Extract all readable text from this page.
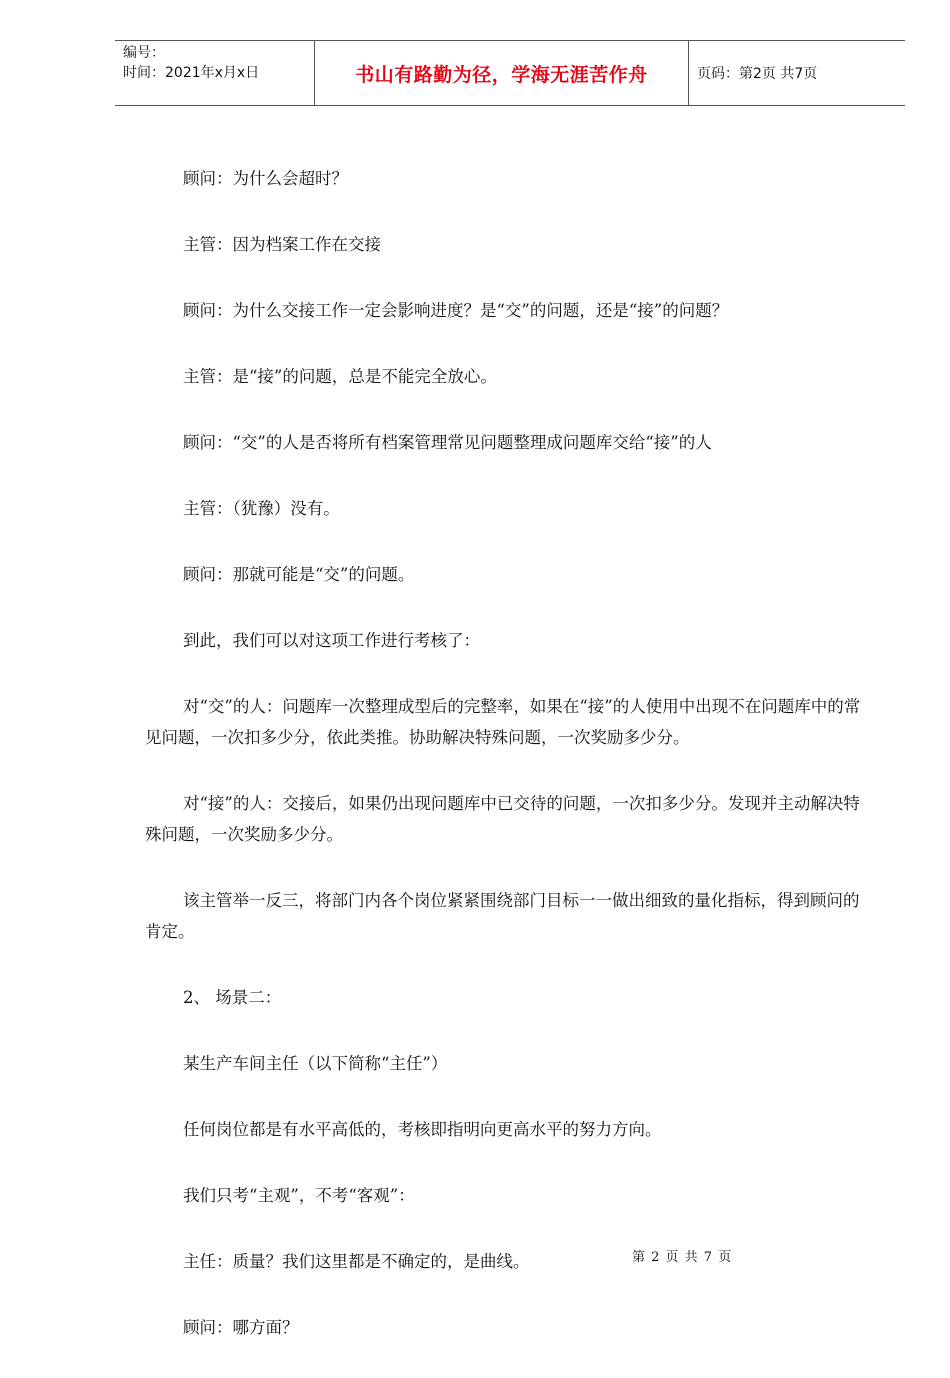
编号：
时间：2021年x月x日	书山有路勤为径，学海无涯苦作舟	页码：第2页 共7页

顾问：为什么会超时？

主管：因为档案工作在交接

顾问：为什么交接工作一定会影响进度？是“交”的问题，还是“接”的问题？

主管：是“接”的问题，总是不能完全放心。

顾问：“交”的人是否将所有档案管理常见问题整理成问题库交给“接”的人

主管：（犹豫）没有。

顾问：那就可能是“交”的问题。

到此，我们可以对这项工作进行考核了：

对“交”的人：问题库一次整理成型后的完整率，如果在“接”的人使用中出现不在问题库中的常见问题，一次扣多少分，依此类推。协助解决特殊问题，一次奖励多少分。

对“接”的人：交接后，如果仍出现问题库中已交待的问题，一次扣多少分。发现并主动解决特殊问题，一次奖励多少分。

该主管举一反三，将部门内各个岗位紧紧围绕部门目标一一做出细致的量化指标，得到顾问的肯定。

2、 场景二：

某生产车间主任（以下简称“主任”）

任何岗位都是有水平高低的，考核即指明向更高水平的努力方向。

我们只考“主观”，不考“客观”：

主任：质量？我们这里都是不确定的，是曲线。

顾问：哪方面？

第 2 页 共 7 页
